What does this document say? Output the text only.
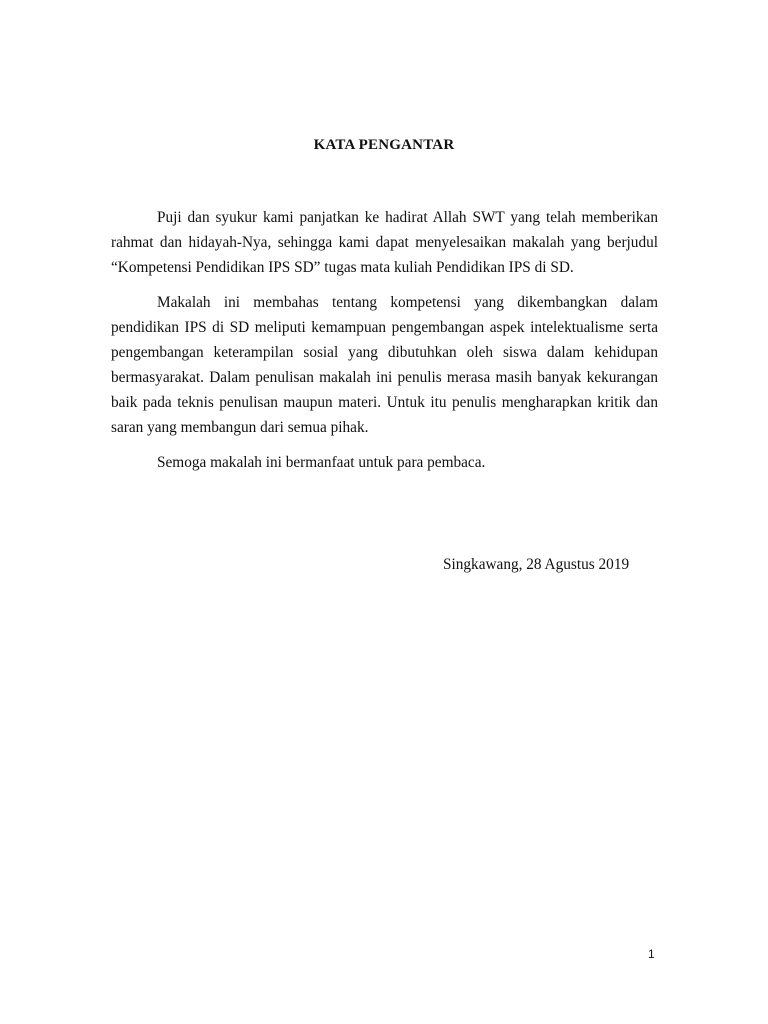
KATA PENGANTAR

Puji dan syukur kami panjatkan ke hadirat Allah SWT yang telah memberikan rahmat dan hidayah-Nya, sehingga kami dapat menyelesaikan makalah yang berjudul “Kompetensi Pendidikan IPS SD” tugas mata kuliah Pendidikan IPS di SD.

Makalah ini membahas tentang kompetensi yang dikembangkan dalam pendidikan IPS di SD meliputi kemampuan pengembangan aspek intelektualisme serta pengembangan keterampilan sosial yang dibutuhkan oleh siswa dalam kehidupan bermasyarakat. Dalam penulisan makalah ini penulis merasa masih banyak kekurangan baik pada teknis penulisan maupun materi. Untuk itu penulis mengharapkan kritik dan saran yang membangun dari semua pihak.

Semoga makalah ini bermanfaat untuk para pembaca.

Singkawang, 28 Agustus 2019
1
